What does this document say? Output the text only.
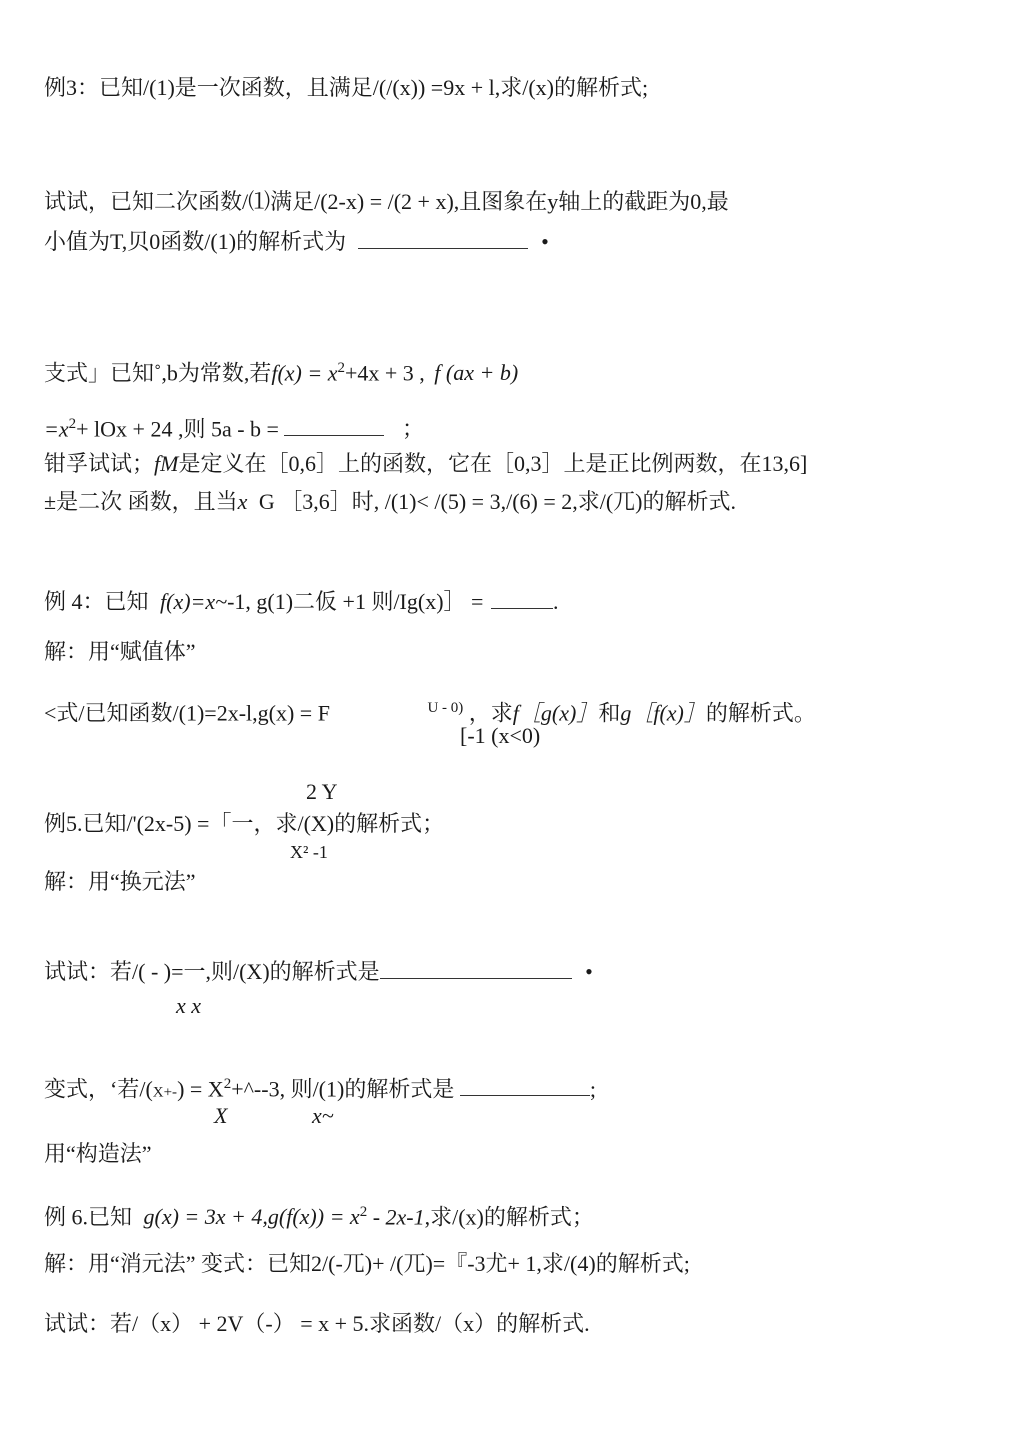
例3：已知/(1)是一次函数，且满足/(/(x)) =9x + l,求/(x)的解析式;
试试，已知二次函数/⑴满足/(2-x) = /(2 + x),且图象在y轴上的截距为0,最
小值为T,贝0函数/(1)的解析式为	•
支式」已知˚,b为常数,若$f(x) = x^2+4x + 3$ , f (ax + b)
$=x^2+$ lOx + 24 ,则 5a - b =	；
钳孚试试；fM是定义在［0,6］上的函数，它在［0,3］上是正比例两数，在13,6]
±是二次 函数，且当x G ［3,6］时, /(1)< /(5) = 3,/(6) = 2,求/(兀)的解析式.
例 4：已知 f(x)=x~-1, g(1)二仮 +1 则/Ig(x)］ =	.
解：用“赋值体”
<式/已知函数/(1)=2x-l,g(x) = F	$^{U - 0)}$ ，求f［g(x)］和g［f(x)］的解析式。
[-1 (x<0)
2 Y
例5.已知/'(2x-5) =「一，求/(X)的解析式；
X² -1
解：用“换元法”
试试：若/( - )=一,则/(X)的解析式是	•
x x
变式，‘若$/(X+-) = X^2+\^{}--3$, 则/(1)的解析式是	;
X	x~
用“构造法”
例 6.已知 $g(x) = 3x + 4,g(f(x)) = x^2 - 2x-1$,求/(x)的解析式；
解：用“消元法” 变式：已知2/(-兀)+ /(兀)=『-3尤+ 1,求/(4)的解析式;
试试：若/（x） + 2V（-） = x + 5.求函数/（x）的解析式.
